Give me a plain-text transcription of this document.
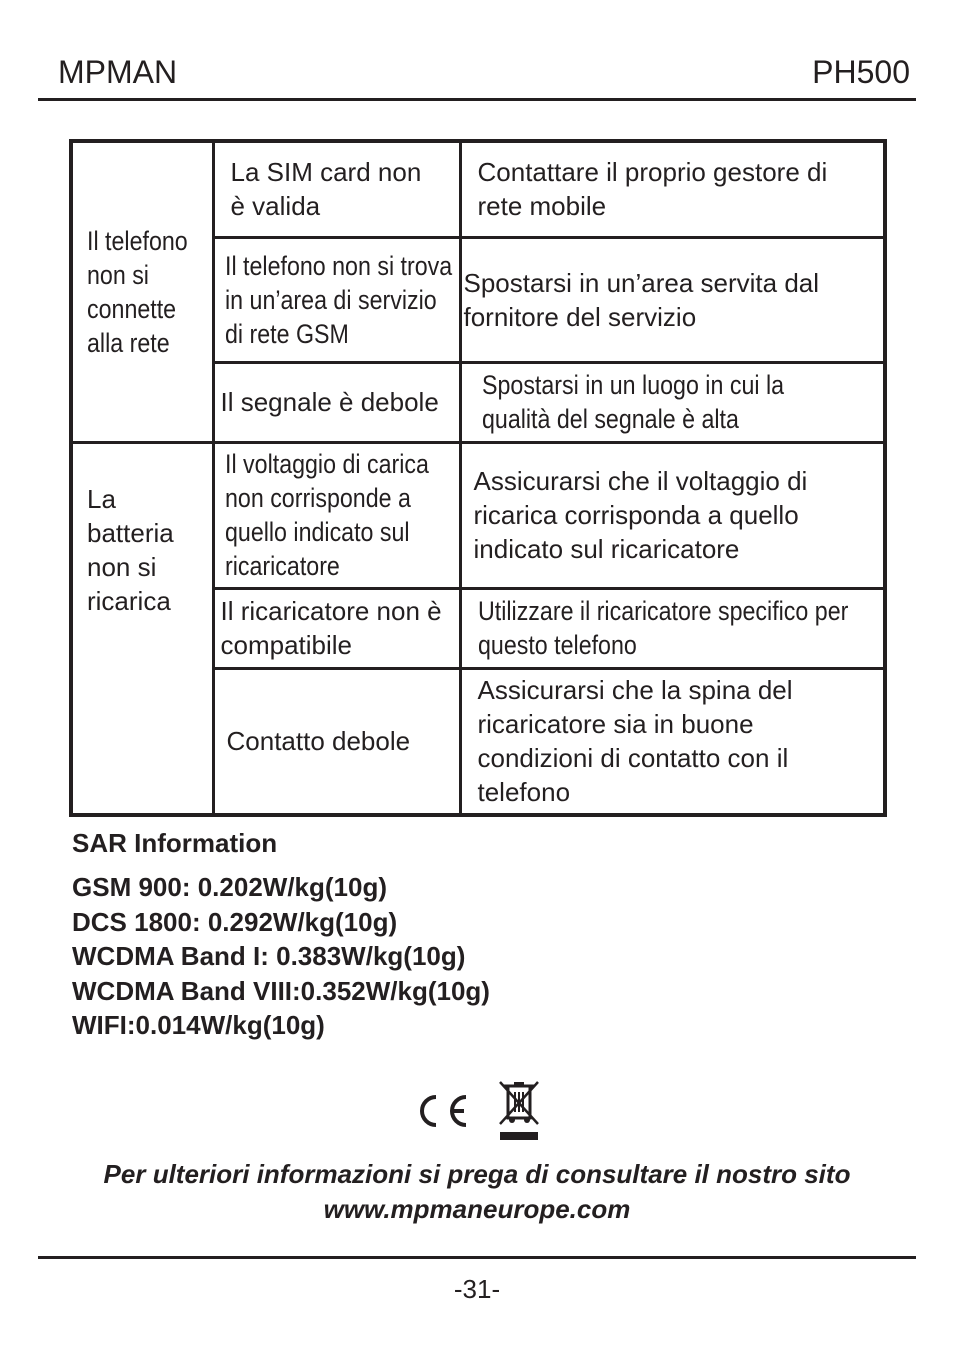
MPMAN	PH500
Il telefono non si connette alla rete	La SIM card non è valida	Contattare il proprio gestore di rete mobile

	Il telefono non si trova in un’area di servizio di rete GSM	Spostarsi in un’area servita dal fornitore del servizio

	Il segnale è debole	Spostarsi in un luogo in cui la qualità del segnale è alta

La batteria non si ricarica	Il voltaggio di carica non corrisponde a quello indicato sul ricaricatore	Assicurarsi che il voltaggio di ricarica corrisponda a quello indicato sul ricaricatore

	Il ricaricatore non è compatibile	Utilizzare il ricaricatore specifico per questo telefono

	Contatto debole	Assicurarsi che la spina del ricaricatore sia in buone condizioni di contatto con il telefono
SAR Information
GSM 900: 0.202W/kg(10g)
DCS 1800: 0.292W/kg(10g)
WCDMA Band I: 0.383W/kg(10g)
WCDMA Band VIII:0.352W/kg(10g)
WIFI:0.014W/kg(10g)
Per ulteriori informazioni si prega di consultare il nostro sito
www.mpmaneurope.com
-31-
